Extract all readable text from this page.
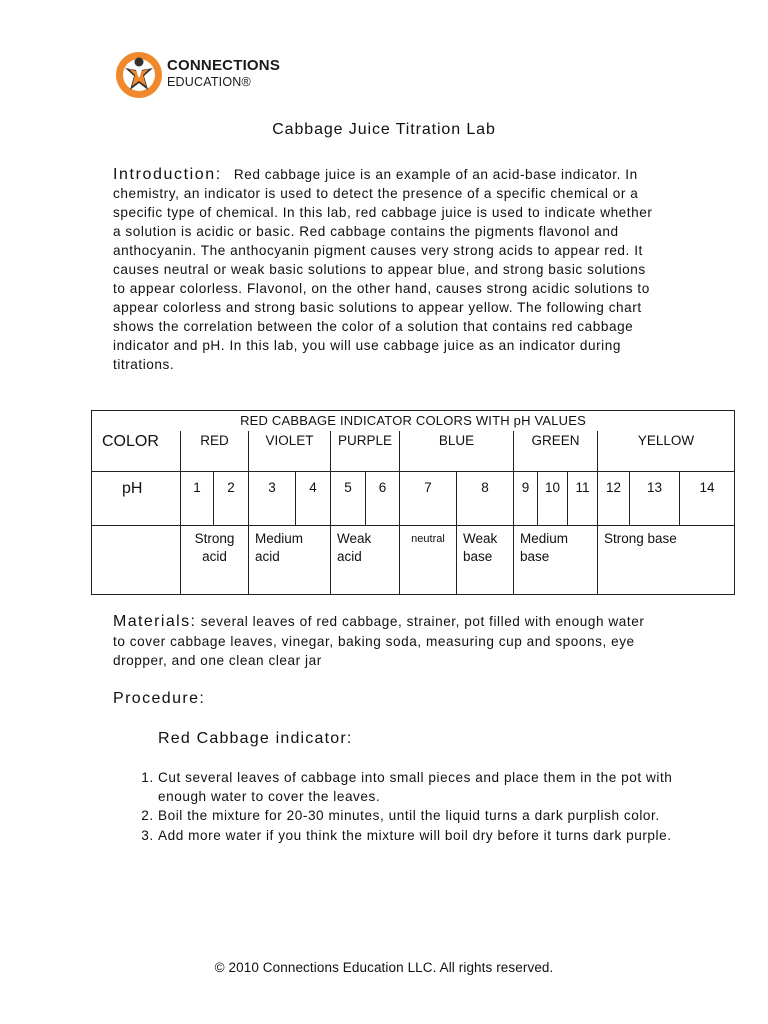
CONNECTIONS
EDUCATION®
Cabbage Juice Titration Lab
Introduction: Red cabbage juice is an example of an acid-base indicator. In chemistry, an indicator is used to detect the presence of a specific chemical or a specific type of chemical. In this lab, red cabbage juice is used to indicate whether a solution is acidic or basic. Red cabbage contains the pigments flavonol and anthocyanin. The anthocyanin pigment causes very strong acids to appear red. It causes neutral or weak basic solutions to appear blue, and strong basic solutions to appear colorless. Flavonol, on the other hand, causes strong acidic solutions to appear colorless and strong basic solutions to appear yellow. The following chart shows the correlation between the color of a solution that contains red cabbage indicator and pH. In this lab, you will use cabbage juice as an indicator during titrations.
RED CABBAGE INDICATOR COLORS WITH pH VALUES														
COLOR	RED		VIOLET		PURPLE		BLUE		GREEN			YELLOW		
pH	1	2	3	4	5	6	7	8	9	10	11	12	13	14
	Strong acid		Medium acid		Weak acid		neutral	Weak base	Medium base			Strong base		
Materials: several leaves of red cabbage, strainer, pot filled with enough water to cover cabbage leaves, vinegar, baking soda, measuring cup and spoons, eye dropper, and one clean clear jar
Procedure:
Red Cabbage indicator:
1. Cut several leaves of cabbage into small pieces and place them in the pot with enough water to cover the leaves.
2. Boil the mixture for 20-30 minutes, until the liquid turns a dark purplish color.
3. Add more water if you think the mixture will boil dry before it turns dark purple.
© 2010 Connections Education LLC. All rights reserved.
